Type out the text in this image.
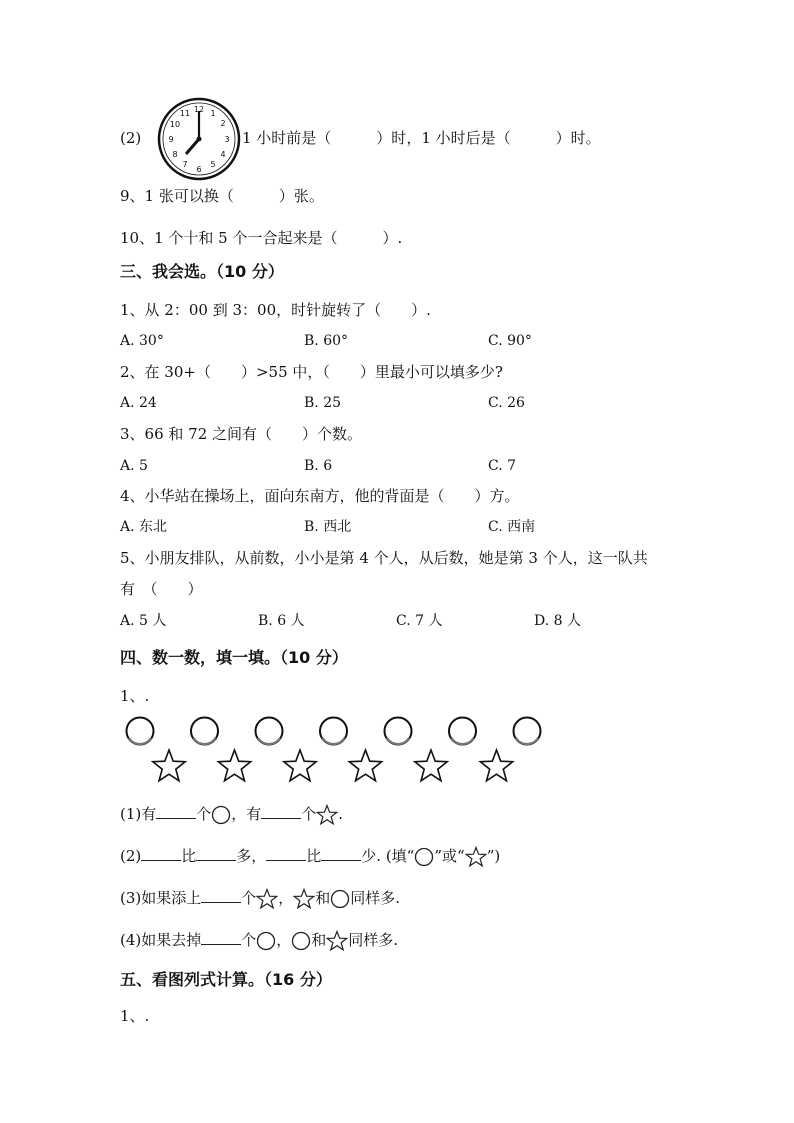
(2)
12 1
2
3
4
5
6
7
8
9
10
11
1 小时前是（　　　）时，1 小时后是（　　　）时。
9、1 张可以换（　　　）张。
10、1 个十和 5 个一合起来是（　　　）.
三、我会选。（10 分）
1、从 2：00 到 3：00，时针旋转了（　　）.
A. 30°	B. 60°	C. 90°
2、在 30+（　　）>55 中，（　　）里最小可以填多少?
A. 24	B. 25	C. 26
3、66 和 72 之间有（　　）个数。
A. 5	B. 6	C. 7
4、小华站在操场上，面向东南方，他的背面是（　　）方。
A. 东北	B. 西北	C. 西南
5、小朋友排队，从前数，小小是第 4 个人，从后数，她是第 3 个人，这一队共
有　（　　）
A. 5 人	B. 6 人	C. 7 人	D. 8 人
四、数一数，填一填。（10 分）
1、.
(1)有	个 ，有	个 .
(2)	比	多，	比	少. (填“ ”或“ ”)
(3)如果添上	个 ， 和 同样多.
(4)如果去掉	个 ， 和 同样多.
五、看图列式计算。（16 分）
1、.
